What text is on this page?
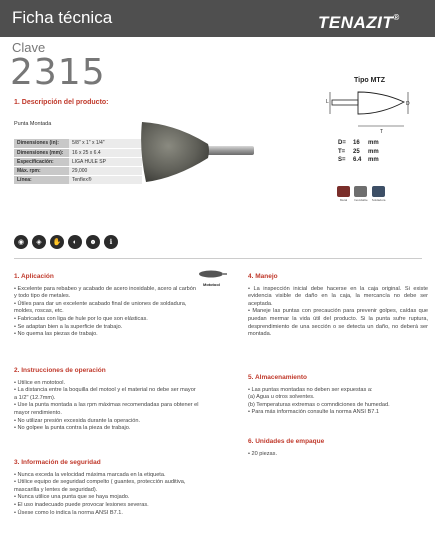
Ficha técnica	TENAZIT®
Clave
2315
1. Descripción del producto:
Punta Montada
Dimensiones (in):	5/8" x 1" x 1/4"
Dimensiones (mm):	16 x 25 x 6.4
Especificación:	LIGA HULE SP
Máx. rpm:	29,000
Línea:	Tenflex®
Tipo MTZ
L
T
D
D= 16 mm
T= 25 mm
S= 6.4 mm
Metal Inoxidable Soldadura
◉	◈	✋	◐	☻	ℹ
Mototool
1. Aplicación

• Excelente para rebabeo y acabado de acero inoxidable, acero al carbón y todo tipo de metales.

• Útiles para dar un excelente acabado final de uniones de soldadura, moldes, roscas, etc.

• Fabricadas con liga de hule por lo que son elásticas.

• Se adaptan bien a la superficie de trabajo.

• No quema las piezas de trabajo.

2. Instrucciones de operación

• Utilice en mototool.

• La distancia entre la boquilla del motool y el material no debe ser mayor a 1/2" (12.7mm).

• Use la punta montada a las rpm máximas recomendadas para obtener el mayor rendimiento.

• No utilizar presión excesida durante la operación.

• No golpee la punta contra la pieza de trabajo.

3. Información de seguridad

• Nunca exceda la velocidad máxima marcada en la etiqueta.

• Utilice equipo de seguridad compelto ( guantes, protección auditiva, mascarilla y lentes de seguridad).

• Nunca utilice una punta que se haya mojado.

• El uso inadecuado puede provocar lesiones severas.

• Úsese como lo indica la norma ANSI B7.1.

4. Manejo

• La inspección inicial debe hacerse en la caja original. Si existe evidencia visible de daño en la caja, la mercancía no debe ser aceptada.

• Maneje las puntas con precaución para prevenir golpes, caídas que puedan mermar la vida útil del producto. Si la punta sufre ruptura, desprendimiento de una sección o se detecta un daño, no deberá ser montada.

5. Almacenamiento

• Las puntas montadas no deben ser expuestas a:

(a) Agua u otros solventes.

(b) Temperaturas extremas o comndiciones de humedad.

• Para más información consulte la norma ANSI B7.1

6. Unidades de empaque

• 20 piezas.
